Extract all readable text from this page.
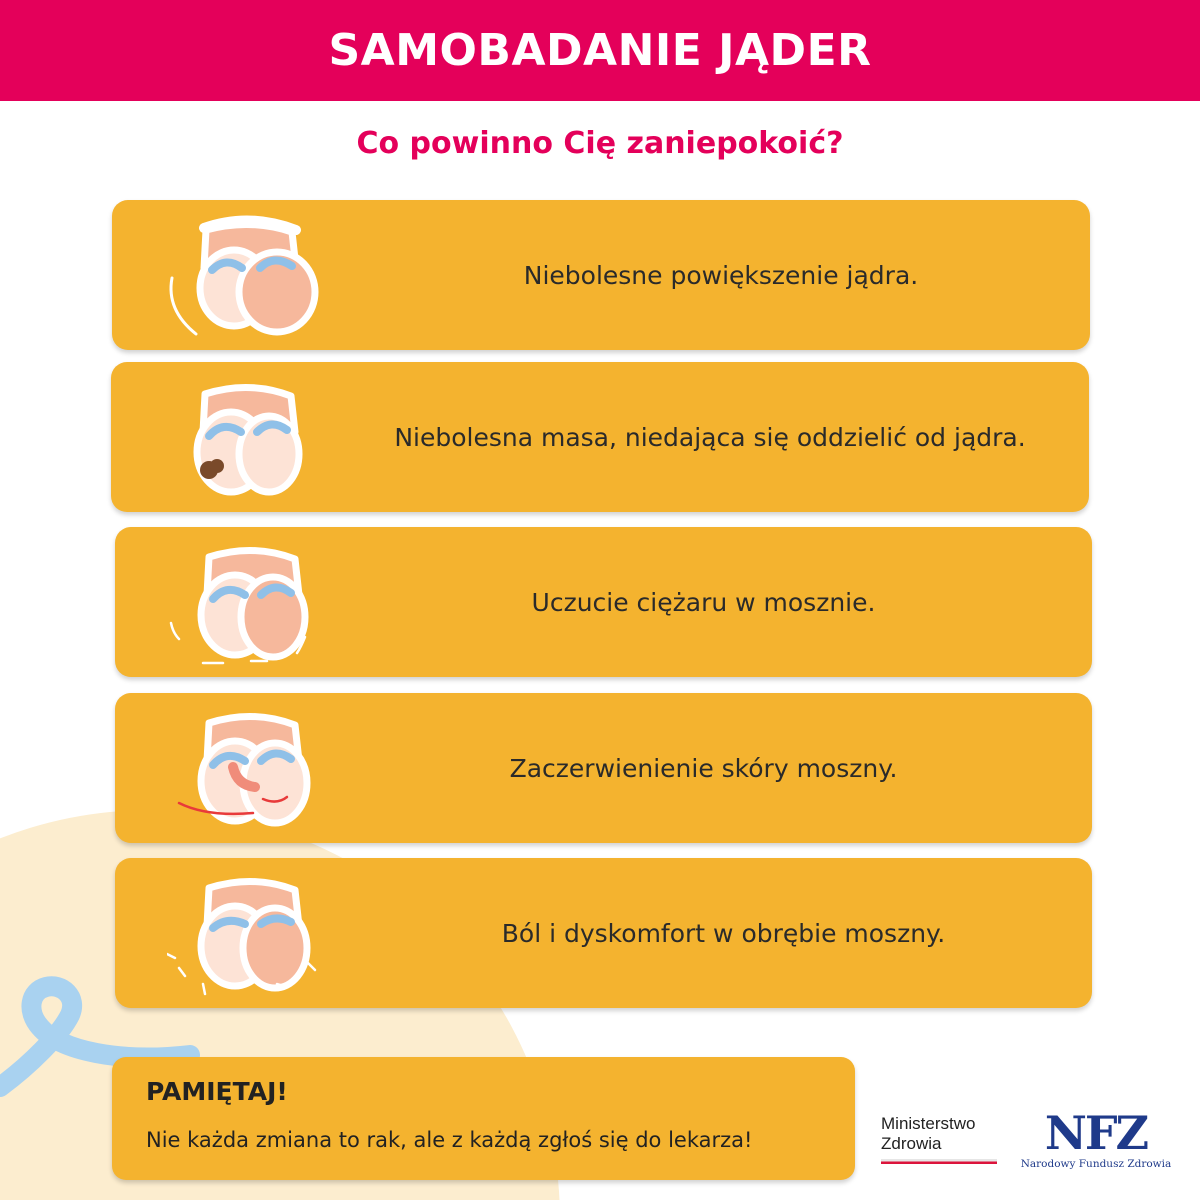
SAMOBADANIE JĄDER
Co powinno Cię zaniepokoić?
Niebolesne powiększenie jądra.
Niebolesna masa, niedająca się oddzielić od jądra.
Uczucie ciężaru w mosznie.
Zaczerwienienie skóry moszny.
Ból i dyskomfort w obrębie moszny.
PAMIĘTAJ!
Nie każda zmiana to rak, ale z każdą zgłoś się do lekarza!
Ministerstwo
Zdrowia	NFZ
Narodowy Fundusz Zdrowia
